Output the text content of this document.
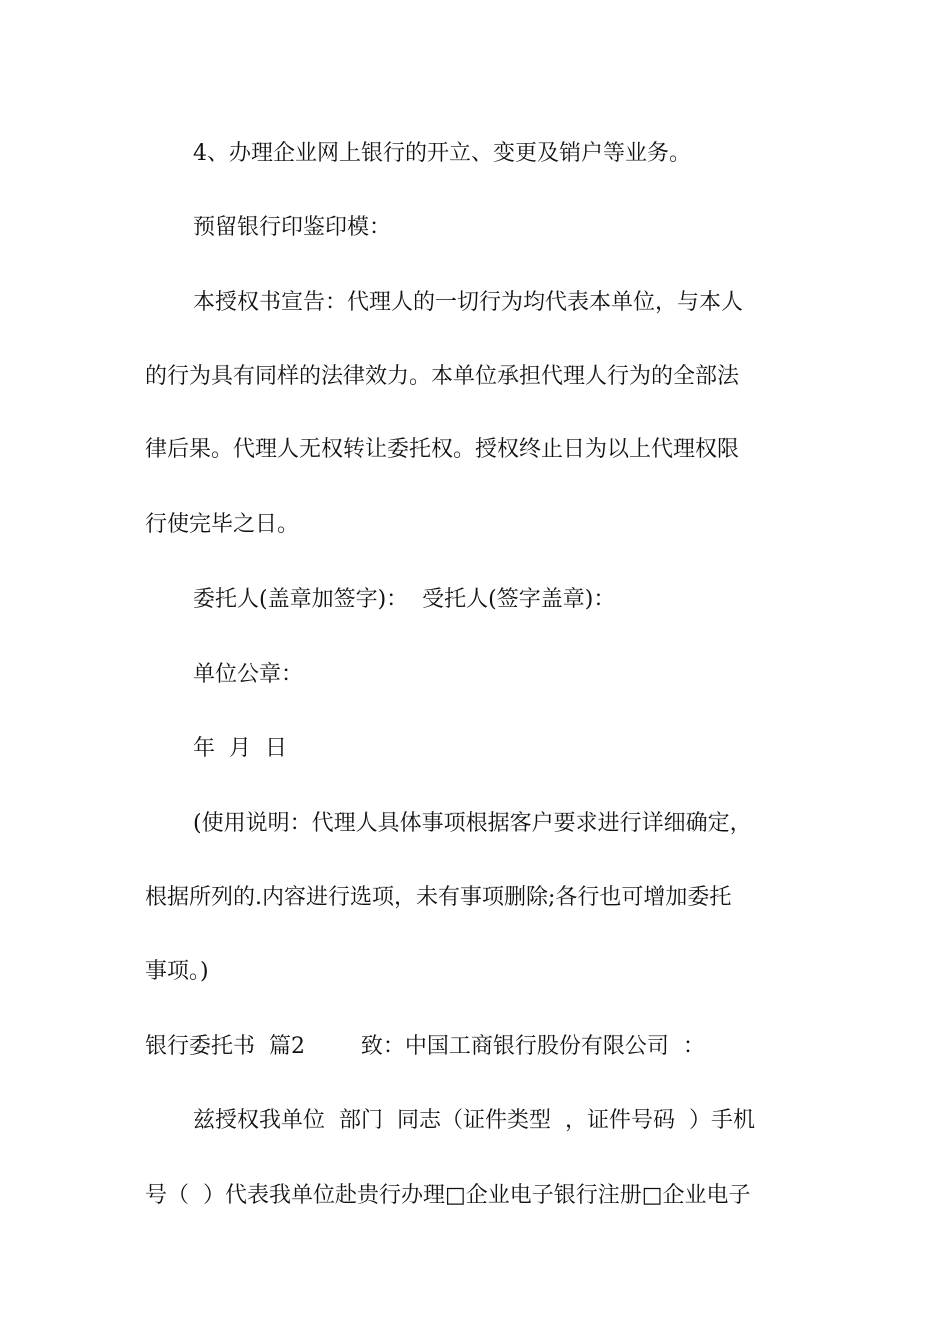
4、办理企业网上银行的开立、变更及销户等业务。

预留银行印鉴印模：

本授权书宣告：代理人的一切行为均代表本单位，与本人

的行为具有同样的法律效力。本单位承担代理人行为的全部法

律后果。代理人无权转让委托权。授权终止日为以上代理权限

行使完毕之日。

委托人(盖章加签字)：  受托人(签字盖章)：

单位公章：

年  月  日

(使用说明：代理人具体事项根据客户要求进行详细确定，

根据所列的.内容进行选项，未有事项删除;各行也可增加委托

事项。)

银行委托书  篇2        致：中国工商银行股份有限公司  ：

兹授权我单位  部门  同志（证件类型  ，证件号码  ）手机

号（  ）代表我单位赴贵行办理□企业电子银行注册□企业电子
